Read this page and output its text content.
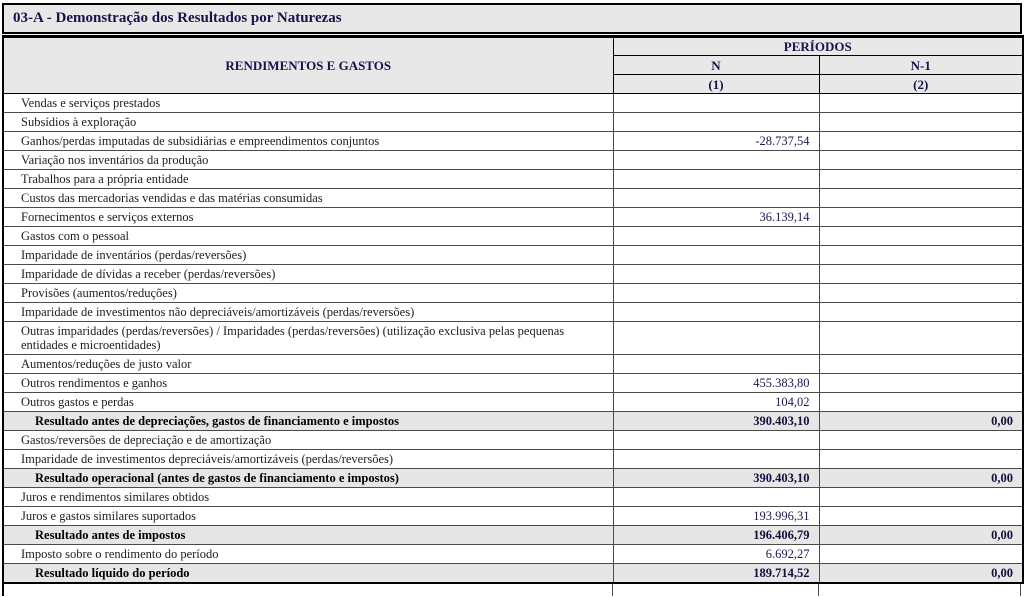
03-A - Demonstração dos Resultados por Naturezas
RENDIMENTOS E GASTOS	PERÍODOS	
	N	N-1
	(1)	(2)
Vendas e serviços prestados		
Subsídios à exploração		
Ganhos/perdas imputadas de subsidiárias e empreendimentos conjuntos	-28.737,54	
Variação nos inventários da produção		
Trabalhos para a própria entidade		
Custos das mercadorias vendidas e das matérias consumidas		
Fornecimentos e serviços externos	36.139,14	
Gastos com o pessoal		
Imparidade de inventários (perdas/reversões)		
Imparidade de dívidas a receber (perdas/reversões)		
Provisões (aumentos/reduções)		
Imparidade de investimentos não depreciáveis/amortizáveis (perdas/reversões)		
Outras imparidades (perdas/reversões) / Imparidades (perdas/reversões) (utilização exclusiva pelas pequenas entidades e microentidades)		
Aumentos/reduções de justo valor		
Outros rendimentos e ganhos	455.383,80	
Outros gastos e perdas	104,02	
Resultado antes de depreciações, gastos de financiamento e impostos	390.403,10	0,00
Gastos/reversões de depreciação e de amortização		
Imparidade de investimentos depreciáveis/amortizáveis (perdas/reversões)		
Resultado operacional (antes de gastos de financiamento e impostos)	390.403,10	0,00
Juros e rendimentos similares obtidos		
Juros e gastos similares suportados	193.996,31	
Resultado antes de impostos	196.406,79	0,00
Imposto sobre o rendimento do período	6.692,27	
Resultado líquido do período	189.714,52	0,00
